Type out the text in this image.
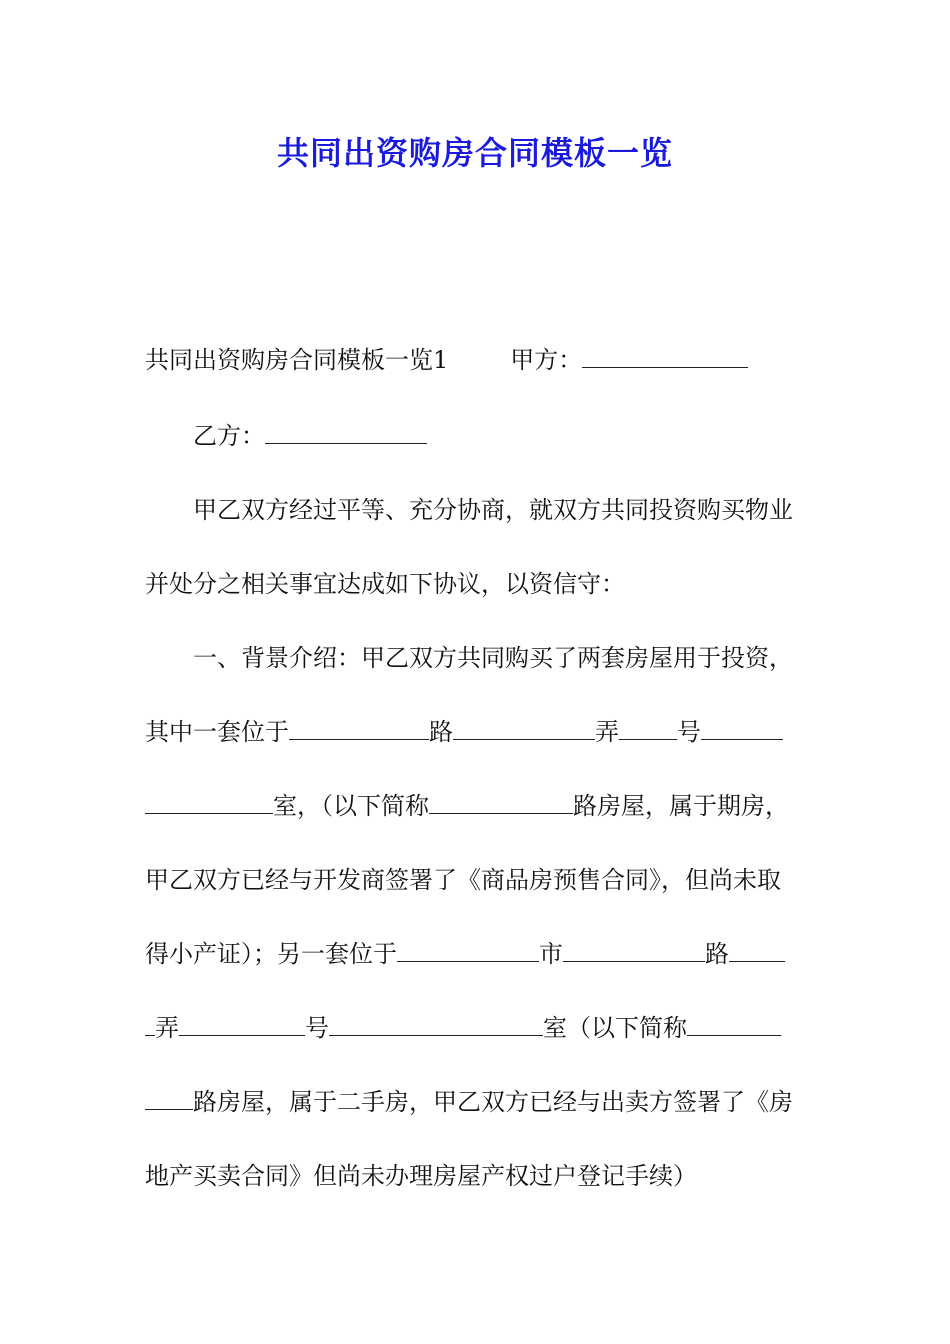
共同出资购房合同模板一览
共同出资购房合同模板一览1	甲方：
乙方：
甲乙双方经过平等、充分协商，就双方共同投资购买物业
并处分之相关事宜达成如下协议，以资信守：
一、背景介绍：甲乙双方共同购买了两套房屋用于投资，
其中一套位于	路	弄 号
室，（以下简称	路房屋，属于期房，
甲乙双方已经与开发商签署了《商品房预售合同》，但尚未取
得小产证）；另一套位于	市	路
弄	号	室（以下简称
路房屋，属于二手房，甲乙双方已经与出卖方签署了《房
地产买卖合同》但尚未办理房屋产权过户登记手续）
